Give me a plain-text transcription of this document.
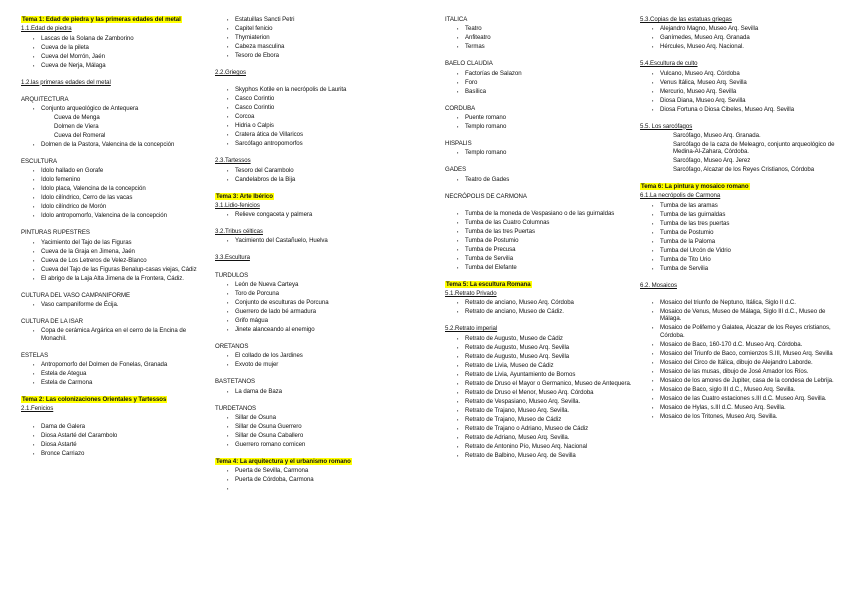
Tema 1: Edad de piedra y las primeras edades del metal
1.1.Edad de piedra
▪ Lascas de la Solana de Zamborino
▪ Cueva de la pileta
▪ Cueva del Morrón, Jaén
▪ Cueva de Nerja, Málaga
1.2.las primeras edades del metal
ARQUITECTURA
▪ Conjunto arqueológico de Antequera
Cueva de Menga
Dolmen de Viera
Cueva del Romeral
▪ Dolmen de la Pastora, Valencina de la concepción
ESCULTURA
▪ Idolo hallado en Gorafe
▪ Idolo femenino
▪ Idolo placa, Valencina de la concepción
▪ Idolo cilíndrico, Cerro de las vacas
▪ Idolo cilíndrico de Morón
▪ Idolo antropomorfo, Valencina de la concepción
PINTURAS RUPESTRES
▪ Yacimiento del Tajo de las Figuras
▪ Cueva de la Graja en Jimena, Jaén
▪ Cueva de Los Letreros de Velez-Blanco
▪ Cueva del Tajo de las Figuras Benalup-casas viejas, Cádiz
▪ El abrigo de la Laja Alta Jimena de la Frontera, Cádiz.
CULTURA DEL VASO CAMPANIFORME
▪ Vaso campaniforme de Écija.
CULTURA DE LA ISAR
▪ Copa de cerámica Argárica en el cerro de la Encina de Monachil.
ESTELAS
▪ Antropomorfo del Dolmen de Fonelas, Granada
▪ Estela de Ategua
▪ Estela de Carmona
Tema 2: Las colonizaciones Orientales y Tartessos
2.1.Fenicios
▪ Dama de Galera
▪ Diosa Astarté del Carambolo
▪ Diosa Astarté
▪ Bronce Carriazo
▪ Estatuillas Sancti Petri
▪ Capitel fenicio
▪ Thymiaterion
▪ Cabeza masculina
▪ Tesoro de Ebora
2.2.Griegos
▪ Skyphos Kotile en la necrópolis de Laurita
▪ Casco Corintio
▪ Casco Corintio
▪ Corcoa
▪ Hidria o Calpis
▪ Cratera ática de Villaricos
▪ Sarcófago antropomorfos
2.3.Tartessos
▪ Tesoro del Carambolo
▪ Candelabros de la Bija
Tema 3: Arte Ibérico
3.1.Lidio-fenicios
▪ Relieve congaceta y palmera
3.2.Tribus célticas
▪ Yacimiento del Castañuelo, Huelva
3.3.Escultura
TURDULOS
▪ León de Nueva Carteya
▪ Toro de Porcuna
▪ Conjunto de esculturas de Porcuna
▪ Guerrero de lado bé armadura
▪ Grifo mágua
▪ Jinete alanceando al enemigo
ORETANOS
▪ El collado de los Jardines
▪ Exvoto de mujer
BASTETANOS
▪ La dama de Baza
TURDETANOS
▪ Sillar de Osuna
▪ Sillar de Osuna Guerrero
▪ Sillar de Osuna Caballero
▪ Guerrero romano cornicen
Tema 4: La arquitectura y el urbanismo romano
▪ Puerta de Sevilla, Carmona
▪ Puerta de Córdoba, Carmona
ITALICA
▪ Teatro
▪ Anfiteatro
▪ Termas
BAELO CLAUDIA
▪ Factorías de Salazon
▪ Foro
▪ Basílica
CORDUBA
▪ Puente romano
▪ Templo romano
HISPALIS
▪ Templo romano
GADES
▪ Teatro de Gades
NECRÓPOLIS DE CARMONA
▪ Tumba de la moneda de Vespasiano o de las guirnaldas
▪ Tumba de las Cuatro Columnas
▪ Tumba de las tres Puertas
▪ Tumba de Postumio
▪ Tumba de Precusa
▪ Tumba de Servilia
▪ Tumba del Elefante
Tema 5: La escultura Romana
5.1.Retrato Privado
▪ Retrato de anciano, Museo Arq. Córdoba
▪ Retrato de anciano, Museo de Cádiz.
5.2.Retrato imperial
▪ Retrato de Augusto, Museo de Cádiz
▪ Retrato de Augusto, Museo Arq. Sevilla
▪ Retrato de Augusto, Museo Arq. Sevilla
▪ Retrato de Livia, Museo de Cádiz
▪ Retrato de Livia, Ayuntamiento de Bornos
▪ Retrato de Druso el Mayor o Germanico, Museo de Antequera.
▪ Retrato de Druso el Menor, Museo Arq. Córdoba
▪ Retrato de Vespasiano, Museo Arq. Sevilla.
▪ Retrato de Trajano, Museo Arq. Sevilla.
▪ Retrato de Trajano, Museo de Cádiz
▪ Retrato de Trajano o Adriano, Museo de Cádiz
▪ Retrato de Adriano, Museo Arq. Sevilla.
▪ Retrato de Antonino Pío, Museo Arq. Nacional
▪ Retrato de Balbino, Museo Arq. de Sevilla
5.3.Copias de las estatuas griegas
▪ Alejandro Magno, Museo Arq. Sevilla
▪ Ganímedes, Museo Arq. Granada
▪ Hércules, Museo Arq. Nacional.
5.4.Escultura de culto
▪ Vulcano, Museo Arq. Córdoba
▪ Venus Itálica, Museo Arq. Sevilla
▪ Mercurio, Museo Arq. Sevilla
▪ Diosa Diana, Museo Arq. Sevilla
▪ Diosa Fortuna o Diosa Cibeles, Museo Arq. Sevilla
5.5. Los sarcófagos
Sarcófago, Museo Arq. Granada.
Sarcófago de la caza de Meleagro, conjunto arqueológico de Medina-Al-Zahara, Córdoba.
Sarcófago, Museo Arq. Jerez
Sarcófago, Alcazar de los Reyes Cristianos, Córdoba
Tema 6: La pintura y mosaico romano
6.1.La necrópolis de Carmona
▪ Tumba de las aramas
▪ Tumba de las guirnaldas
▪ Tumba de las tres puertas
▪ Tumba de Postumio
▪ Tumba de la Paloma
▪ Tumba del Urcón de Vidrio
▪ Tumba de Tito Urio
▪ Tumba de Servilia
6.2. Mosaicos
▪ Mosaico del triunfo de Neptuno, Itálica, Siglo II d.C.
▪ Mosaico de Venus, Museo de Málaga, Siglo III d.C., Museo de Málaga.
▪ Mosaico de Polifemo y Galatea, Alcazar de los Reyes cristianos, Córdoba.
▪ Mosaico de Baco, 160-170 d.C. Museo Arq. Córdoba.
▪ Mosaico del Triunfo de Baco, comienzos S.III, Museo Arq. Sevilla
▪ Mosaico del Circo de Itálica, dibujo de Alejandro Laborde.
▪ Mosaico de las musas, dibujo de José Amador los Ríos.
▪ Mosaico de los amores de Jupiter, casa de la condesa de Lebrija.
▪ Mosaico de Baco, siglo III d.C., Museo Arq. Sevilla.
▪ Mosaico de las Cuatro estaciones s.III d.C. Museo Arq. Sevilla.
▪ Mosaico de Hylas, s.III d.C. Museo Arq. Sevilla.
▪ Mosaico de los Tritones, Museo Arq. Sevilla.
